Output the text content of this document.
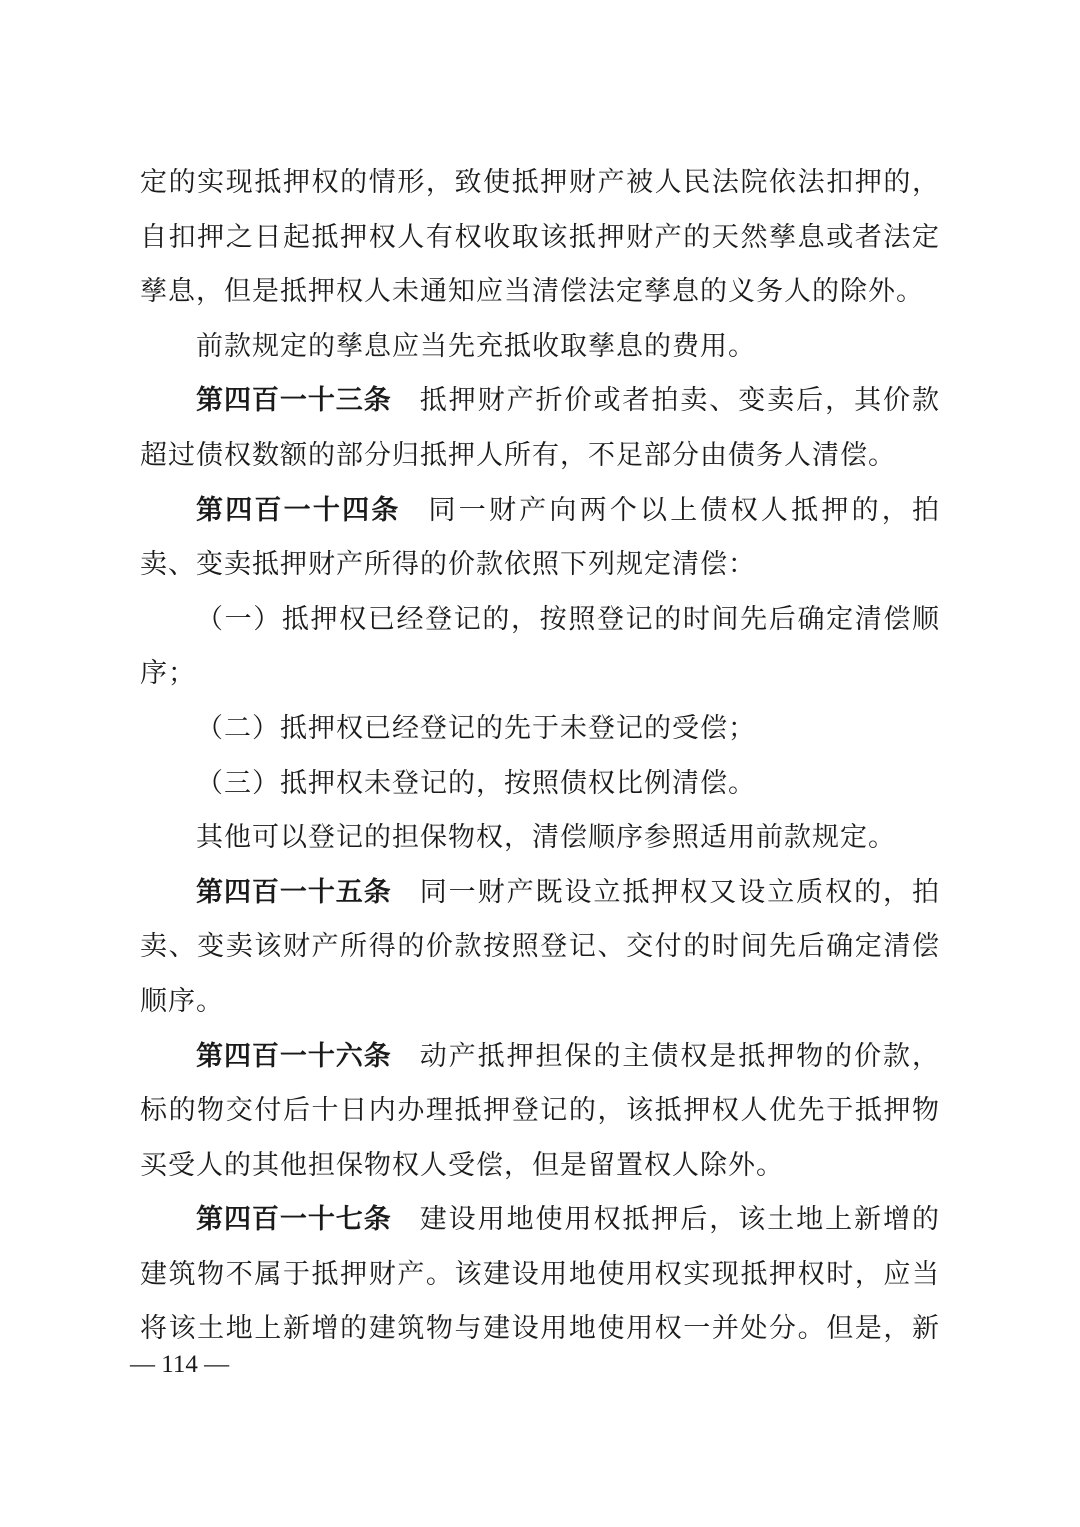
定的实现抵押权的情形，致使抵押财产被人民法院依法扣押的，
自扣押之日起抵押权人有权收取该抵押财产的天然孳息或者法定
孳息，但是抵押权人未通知应当清偿法定孳息的义务人的除外。
前款规定的孳息应当先充抵收取孳息的费用。
第四百一十三条 抵押财产折价或者拍卖、变卖后，其价款
超过债权数额的部分归抵押人所有，不足部分由债务人清偿。
第四百一十四条 同一财产向两个以上债权人抵押的，拍
卖、变卖抵押财产所得的价款依照下列规定清偿：
（一）抵押权已经登记的，按照登记的时间先后确定清偿顺
序；
（二）抵押权已经登记的先于未登记的受偿；
（三）抵押权未登记的，按照债权比例清偿。
其他可以登记的担保物权，清偿顺序参照适用前款规定。
第四百一十五条 同一财产既设立抵押权又设立质权的，拍
卖、变卖该财产所得的价款按照登记、交付的时间先后确定清偿
顺序。
第四百一十六条 动产抵押担保的主债权是抵押物的价款，
标的物交付后十日内办理抵押登记的，该抵押权人优先于抵押物
买受人的其他担保物权人受偿，但是留置权人除外。
第四百一十七条 建设用地使用权抵押后，该土地上新增的
建筑物不属于抵押财产。该建设用地使用权实现抵押权时，应当
将该土地上新增的建筑物与建设用地使用权一并处分。但是，新
— 114 —
